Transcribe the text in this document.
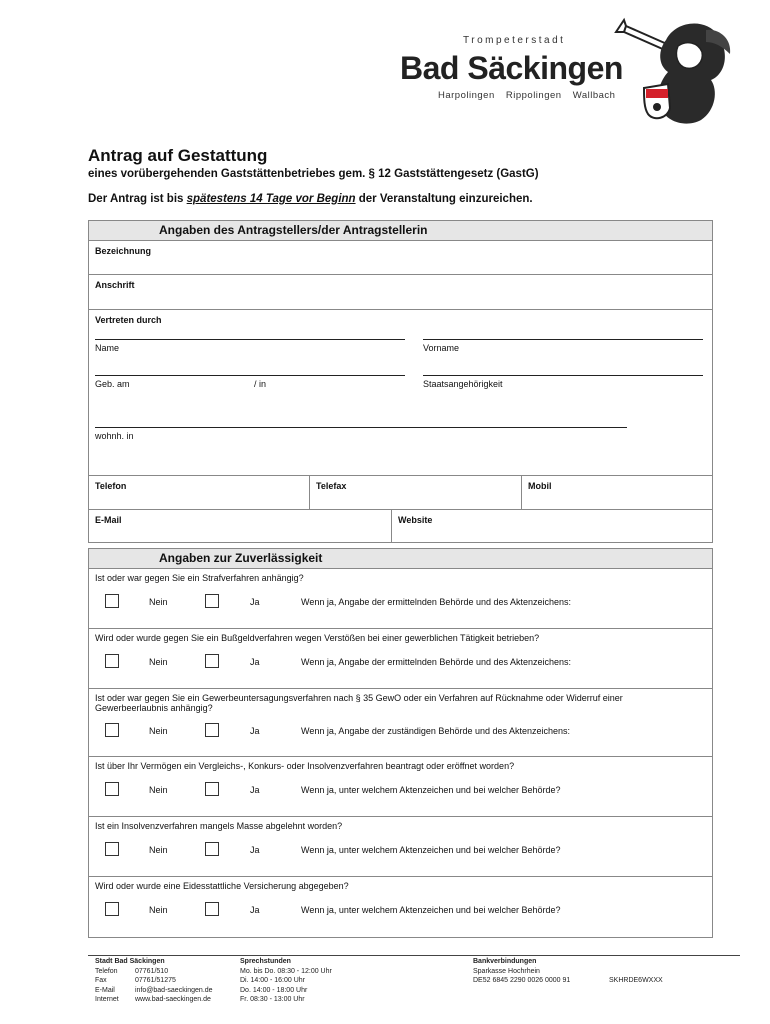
Trompeterstadt
Bad Säckingen
Harpolingen Rippolingen Wallbach
Antrag auf Gestattung
eines vorübergehenden Gaststättenbetriebes gem. § 12 Gaststättengesetz (GastG)
Der Antrag ist bis spätestens 14 Tage vor Beginn der Veranstaltung einzureichen.
Angaben des Antragstellers/der Antragstellerin
Bezeichnung
Anschrift
Vertreten durch
Name	Vorname
Geb. am	/ in	Staatsangehörigkeit
wohnh. in
Telefon	Telefax	Mobil
E-Mail	Website
Angaben zur Zuverlässigkeit
Ist oder war gegen Sie ein Strafverfahren anhängig?
Nein	Ja	Wenn ja, Angabe der ermittelnden Behörde und des Aktenzeichens:
Wird oder wurde gegen Sie ein Bußgeldverfahren wegen Verstößen bei einer gewerblichen Tätigkeit betrieben?
Nein	Ja	Wenn ja, Angabe der ermittelnden Behörde und des Aktenzeichens:
Ist oder war gegen Sie ein Gewerbeuntersagungsverfahren nach § 35 GewO oder ein Verfahren auf Rücknahme oder Widerruf einer
Gewerbeerlaubnis anhängig?
Nein	Ja	Wenn ja, Angabe der zuständigen Behörde und des Aktenzeichens:
Ist über Ihr Vermögen ein Vergleichs-, Konkurs- oder Insolvenzverfahren beantragt oder eröffnet worden?
Nein	Ja	Wenn ja, unter welchem Aktenzeichen und bei welcher Behörde?
Ist ein Insolvenzverfahren mangels Masse abgelehnt worden?
Nein	Ja	Wenn ja, unter welchem Aktenzeichen und bei welcher Behörde?
Wird oder wurde eine Eidesstattliche Versicherung abgegeben?
Nein	Ja	Wenn ja, unter welchem Aktenzeichen und bei welcher Behörde?
Stadt Bad Säckingen
Telefon 07761/510
Fax	07761/51275
E-Mail	info@bad-saeckingen.de
Internet www.bad-saeckingen.de
Sprechstunden
Mo. bis Do. 08:30 - 12:00 Uhr
Di. 14:00 - 16:00 Uhr
Do. 14:00 - 18:00 Uhr
Fr. 08:30 - 13:00 Uhr
Bankverbindungen
Sparkasse Hochrhein
DE52 6845 2290 0026 0000 91	SKHRDE6WXXX
